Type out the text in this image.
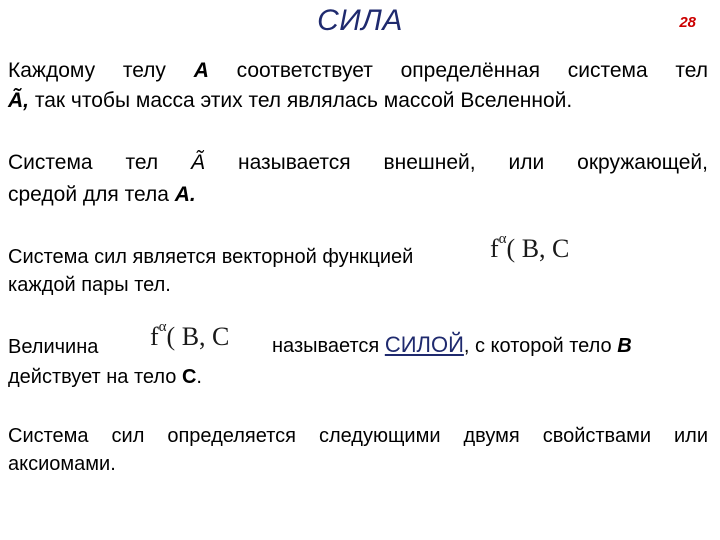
СИЛА	28
Каждому телу A соответствует определённая система тел
Ã, так чтобы масса этих тел являлась массой Вселенной.
Система тел Ã называется внешней, или окружающей,
средой для тела A.
Система сил является векторной функцией
каждой пары тел.
$f^\alpha$( B, C
Величина	$f^\alpha$( B, C называется СИЛОЙ, с которой тело B
действует на тело C.
Система сил определяется следующими двумя свойствами или
аксиомами.
